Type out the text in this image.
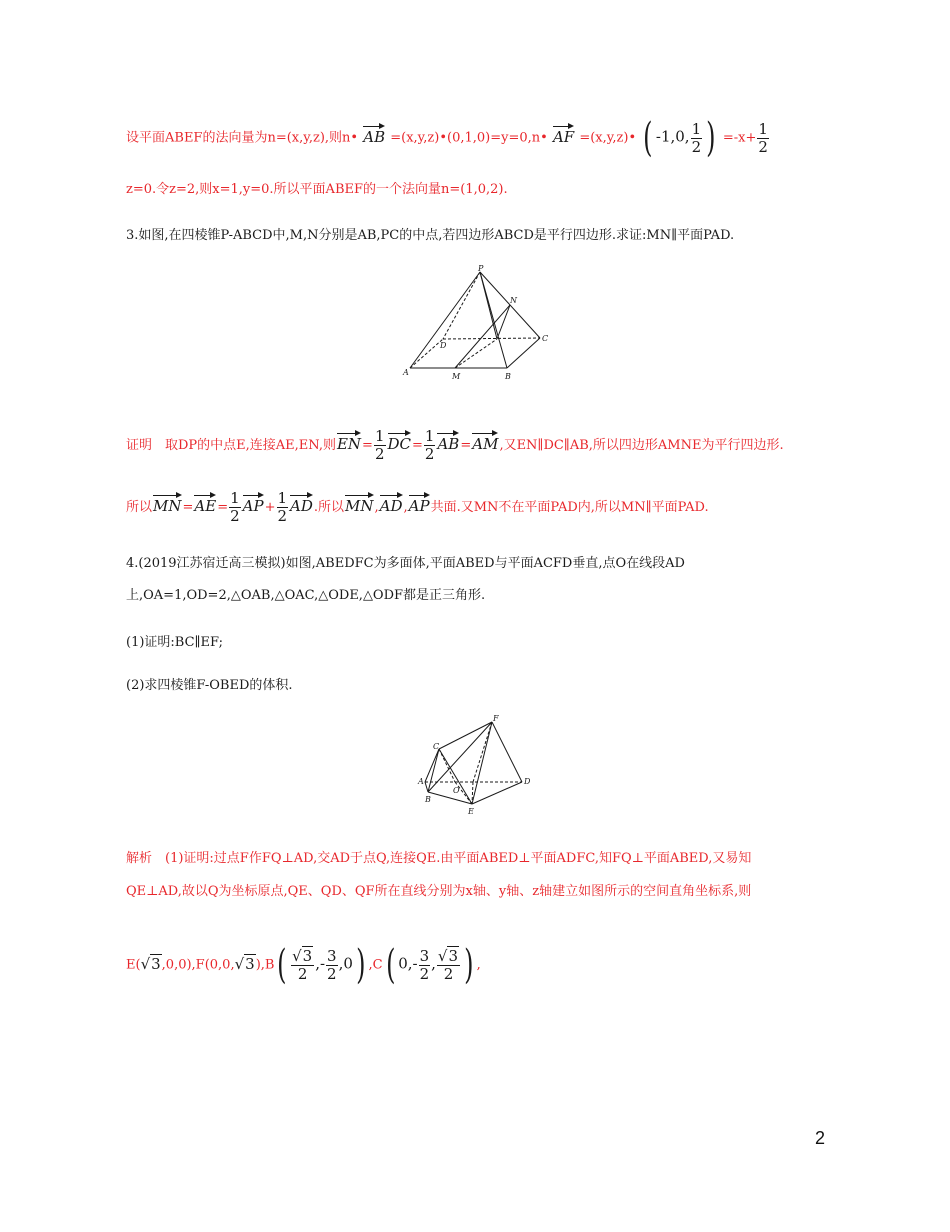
设平面ABEF的法向量为n=(x,y,z),则n• AB =(x,y,z)•(0,1,0)=y=0,n• AF =(x,y,z)• ( -1,0, $\frac{1}{2}$ ) $=-x+ \frac{1}{2}$
z=0.令z=2,则x=1,y=0.所以平面ABEF的一个法向量n=(1,0,2).
3.如图,在四棱锥P-ABCD中,M,N分别是AB,PC的中点,若四边形ABCD是平行四边形.求证:MN∥平面PAD.
P
N
D
C
A	M	B
证明　取DP的中点E,连接AE,EN,则$EN= \frac{1}{2} DC= \frac{1}{2} AB=AM$,又EN∥DC∥AB,所以四边形AMNE为平行四边形.
所以$MN=AE= \frac{1}{2} AP+ \frac{1}{2}$ AD.所以MN,AD,AP共面.又MN不在平面PAD内,所以MN∥平面PAD.
4.(2019江苏宿迁高三模拟)如图,ABEDFC为多面体,平面ABED与平面ACFD垂直,点O在线段AD
上,OA=1,OD=2,△OAB,△OAC,△ODE,△ODF都是正三角形.
(1)证明:BC∥EF;
(2)求四棱锥F-OBED的体积.
F
C
A
O
D
B
E
解析　(1)证明:过点F作FQ⊥AD,交AD于点Q,连接QE.由平面ABED⊥平面ADFC,知FQ⊥平面ABED,又易知
QE⊥AD,故以Q为坐标原点,QE、QD、QF所在直线分别为x轴、y轴、z轴建立如图所示的空间直角坐标系,则
$E(√3,0,0),F(0,0,√3),B( \frac{√3}{2}$ ,- $\frac{3}{2} ,0$) ,C( $0,- \frac{3}{2}$ , $\frac{√3}{2}$ ) ,
2
